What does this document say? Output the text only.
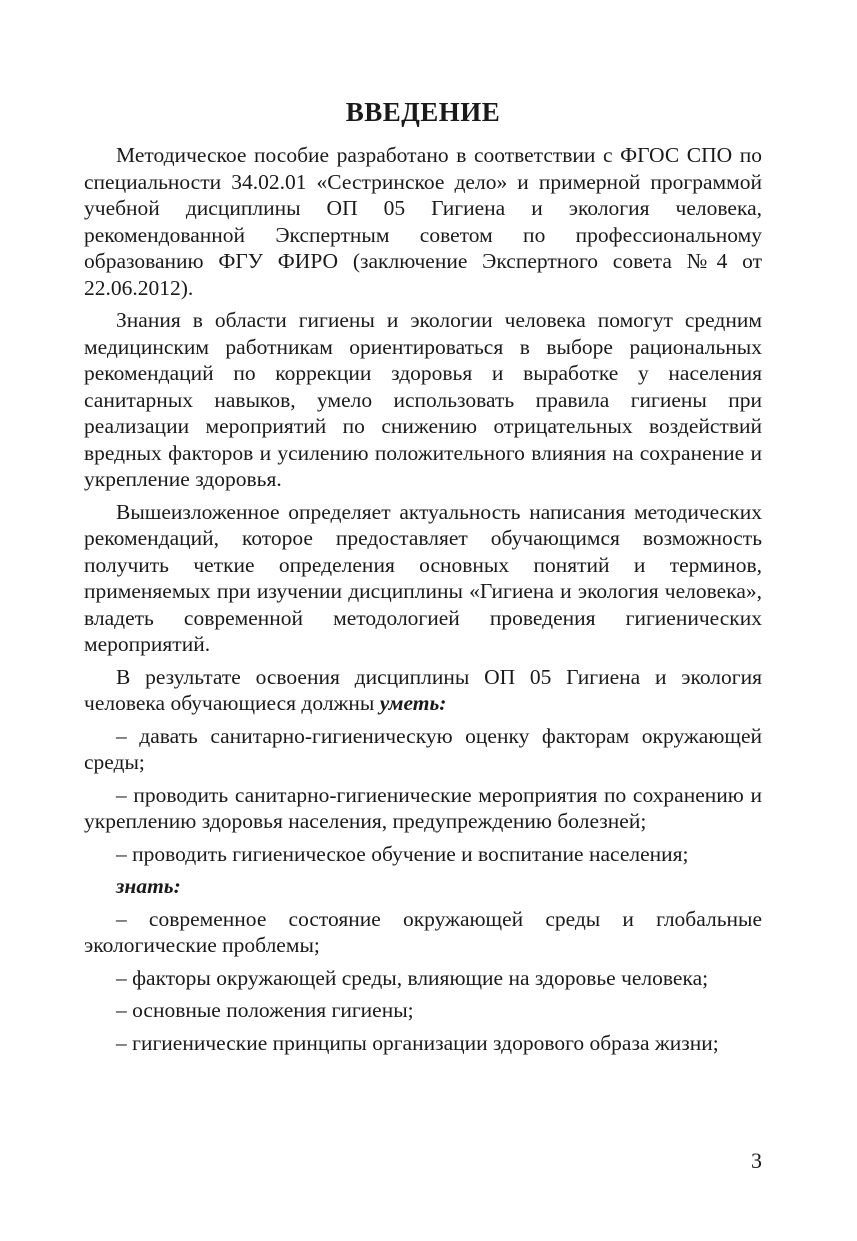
ВВЕДЕНИЕ

Методическое пособие разработано в соответствии с ФГОС СПО по специальности 34.02.01 «Сестринское дело» и примерной программой учебной дисциплины ОП 05 Гигиена и экология человека, рекомендованной Экспертным советом по профессиональному образованию ФГУ ФИРО (заключение Экспертного совета №4 от 22.06.2012).

Знания в области гигиены и экологии человека помогут средним медицинским работникам ориентироваться в выборе рациональных рекомендаций по коррекции здоровья и выработке у населения санитарных навыков, умело использовать правила гигиены при реализации мероприятий по снижению отрицательных воздействий вредных факторов и усилению положительного влияния на сохранение и укрепление здоровья.

Вышеизложенное определяет актуальность написания методических рекомендаций, которое предоставляет обучающимся возможность получить четкие определения основных понятий и терминов, применяемых при изучении дисциплины «Гигиена и экология человека», владеть современной методологией проведения гигиенических мероприятий.

В результате освоения дисциплины ОП 05 Гигиена и экология человека обучающиеся должны уметь:

– давать санитарно-гигиеническую оценку факторам окружающей среды;

– проводить санитарно-гигиенические мероприятия по сохранению и укреплению здоровья населения, предупреждению болезней;

– проводить гигиеническое обучение и воспитание населения;

знать:

– современное состояние окружающей среды и глобальные экологические проблемы;

– факторы окружающей среды, влияющие на здоровье человека;

– основные положения гигиены;

– гигиенические принципы организации здорового образа жизни;

3
